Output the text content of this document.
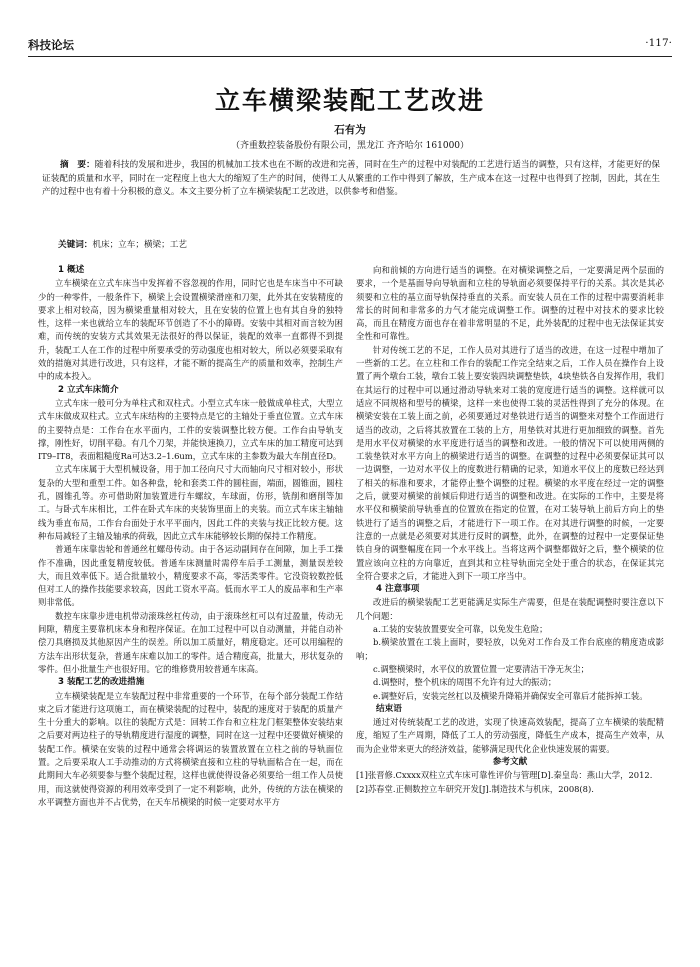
科技论坛	·117·
立车横梁装配工艺改进
石有为
（齐重数控装备股份有限公司，黑龙江 齐齐哈尔 161000）
摘　要：随着科技的发展和进步，我国的机械加工技术也在不断的改进和完善，同时在生产的过程中对装配的工艺进行适当的调整，只有这样，才能更好的保证装配的质量和水平，同时在一定程度上也大大的缩短了生产的时间，使得工人从繁重的工作中得到了解放，生产成本在这一过程中也得到了控制，因此，其在生产的过程中也有着十分积极的意义。本文主要分析了立车横梁装配工艺改进，以供参考和借鉴。
关键词：机床；立车；横梁；工艺
1 概述

立车横梁在立式车床当中发挥着不容忽视的作用，同时它也是车床当中不可缺少的一种零件，一般条件下，横梁上会设置横梁滑座和刀架，此外其在安装精度的要求上相对较高，因为横梁重量相对较大，且在安装的位置上也有其自身的独特性，这样一来也就给立车的装配环节创造了不小的障碍。安装中其相对而言较为困难，而传统的安装方式其效果无法很好的得以保证，装配的效率一直都得不到提升，装配工人在工作的过程中所要承受的劳动强度也相对较大，所以必须要采取有效的措施对其进行改进，只有这样，才能不断的提高生产的质量和效率，控制生产中的成本投入。

2 立式车床简介

立式车床一般可分为单柱式和双柱式。小型立式车床一般做成单柱式，大型立式车床做成双柱式。立式车床结构的主要特点是它的主轴处于垂直位置。立式车床的主要特点是：工作台在水平面内，工件的安装调整比较方便。工作台由导轨支撑，刚性好，切削平稳。有几个刀架，并能快速换刀，立式车床的加工精度可达到IT9–IT8，表面粗糙度Ra可达3.2–1.6um，立式车床的主参数为最大车削直径D。

立式车床属于大型机械设备，用于加工径向尺寸大而轴向尺寸相对较小，形状复杂的大型和重型工件。如各种盘，轮和套类工件的圆柱面，端面，圆锥面，圆柱孔，圆锥孔等。亦可借助附加装置进行车螺纹，车球面，仿形，铣削和磨削等加工。与卧式车床相比，工件在卧式车床的夹装饰里面上的夹装。而立式车床主轴轴线为垂直布局，工作台台面处于水平平面内，因此工件的夹装与找正比较方便。这种布局减轻了主轴及轴承的荷载，因此立式车床能够较长期的保持工作精度。

普通车床靠齿轮和普通丝杠螺母传动。由于各运动副间存在间隙，加上手工操作不准确，因此重复精度较低。普通车床测量时需停车后手工测量，测量误差较大，而且效率低下。适合批量较小，精度要求不高，零活类零件。它没资较数控低但对工人的操作技能要求较高，因此工资水平高。低而水平工人的废品率和生产率则非常低。

数控车床靠步进电机带动滚珠丝杠传动，由于滚珠丝杠可以有过盈量，传动无间隙，精度主要靠机床本身和程序保证。在加工过程中可以自动测量，并能自动补偿刀具磨损及其他原因产生的误差。所以加工质量好，精度稳定。还可以用编程的方法车出形状复杂，普通车床难以加工的零件。适合精度高，批量大，形状复杂的零件。但小批量生产也很好用。它的维修费用较普通车床高。

3 装配工艺的改进措施

立车横梁装配是立车装配过程中非常重要的一个环节，在每个部分装配工作结束之后才能进行这项施工，而在横梁装配的过程中，装配的速度对于装配的质量产生十分重大的影响。以往的装配方式是：回转工作台和立柱龙门框架整体安装结束之后要对两边柱子的导轨精度进行湿度的调整，同时在这一过程中还要做好横梁的装配工作。横梁在安装的过程中通常会将调运的装置放置在立柱之前的导轨面位置。之后要采取人工手动推动的方式将横梁直接和立柱的导轨面粘合在一起，而在此期间大车必须要参与整个装配过程，这样也就使得设备必须要给一组工作人员使用，而这就使得资源的利用效率受到了一定不利影响，此外，传统的方法在横梁的水平调整方面也并不占优势，在天车吊横梁的时候一定要对水平方

向和前倾的方向进行适当的调整。在对横梁调整之后，一定要满足两个层面的要求，一个是基面导向导轨面和立柱的导轨面必须要保持平行的关系。其次是其必须要和立柱的基立面导轨保持垂直的关系。而安装人员在工作的过程中需要消耗非常长的时间和非常多的力气才能完成调整工作。调整的过程中对技术的要求比较高，而且在精度方面也存在着非常明显的不足，此外装配的过程中也无法保证其安全性和可靠性。

针对传统工艺的不足，工作人员对其进行了适当的改进，在这一过程中增加了一些新的工艺。在立柱和工作台的装配工作完全结束之后，工作人员在操作台上设置了两个墩台工装，墩台工装上要安装四块调整垫铁，4块垫铁各自发挥作用，我们在其运行的过程中可以通过滑动导轨来对工装的宽度进行适当的调整。这样就可以适应不同规格和型号的横梁，这样一来也使得工装的灵活性得到了充分的体现。在横梁安装在工装上面之前，必须要通过对垫铁进行适当的调整来对整个工作面进行适当的改动，之后将其放置在工装的上方，用垫铁对其进行更加细致的调整。首先是用水平仪对横梁的水平度进行适当的调整和改进。一般的情况下可以使用两侧的工装垫铁对水平方向上的横梁进行适当的调整。在调整的过程中必须要保证其可以一边调整，一边对水平仪上的度数进行精确的记录，知道水平仪上的度数已经达到了相关的标准和要求，才能停止整个调整的过程。横梁的水平度在经过一定的调整之后，就要对横梁的前倾后仰进行适当的调整和改进。在实际的工作中，主要是将水平仪和横梁前导轨垂直的位置放在指定的位置，在对工装导轨上前后方向上的垫铁进行了适当的调整之后，才能进行下一项工作。在对其进行调整的时候，一定要注意的一点就是必须要对其进行反时的调整，此外，在调整的过程中一定要保证垫铁自身的调整幅度在同一个水平线上。当将这两个调整都做好之后，整个横梁的位置应该向立柱的方向靠近，直到其和立柱导轨面完全处于重合的状态，在保证其完全符合要求之后，才能进入到下一项工序当中。

4 注意事项

改进后的横梁装配工艺更能满足实际生产需要，但是在装配调整时要注意以下几个问题：

a.工装的安装放置要安全可靠，以免发生危险；

b.横梁放置在工装上面时，要轻放，以免对工作台及工作台底座的精度造成影响；

c.调整横梁时，水平仪的放置位置一定要清洁干净无灰尘；

d.调整时，整个机床的周围不允许有过大的振动；

e.调整好后，安装完丝杠以及横梁升降箱并确保安全可靠后才能拆掉工装。

结束语

通过对传统装配工艺的改进，实现了快速高效装配，提高了立车横梁的装配精度，缩短了生产周期，降低了工人的劳动强度，降低生产成本，提高生产效率，从而为企业带来更大的经济效益，能够满足现代化企业快速发展的需要。

参考文献

[1]张晋修.Cxxxx双柱立式车床可靠性评价与管理[D].秦皇岛：燕山大学，2012.

[2]苏春堂.正侧数控立车研究开发[J].制造技术与机床，2008(8).
